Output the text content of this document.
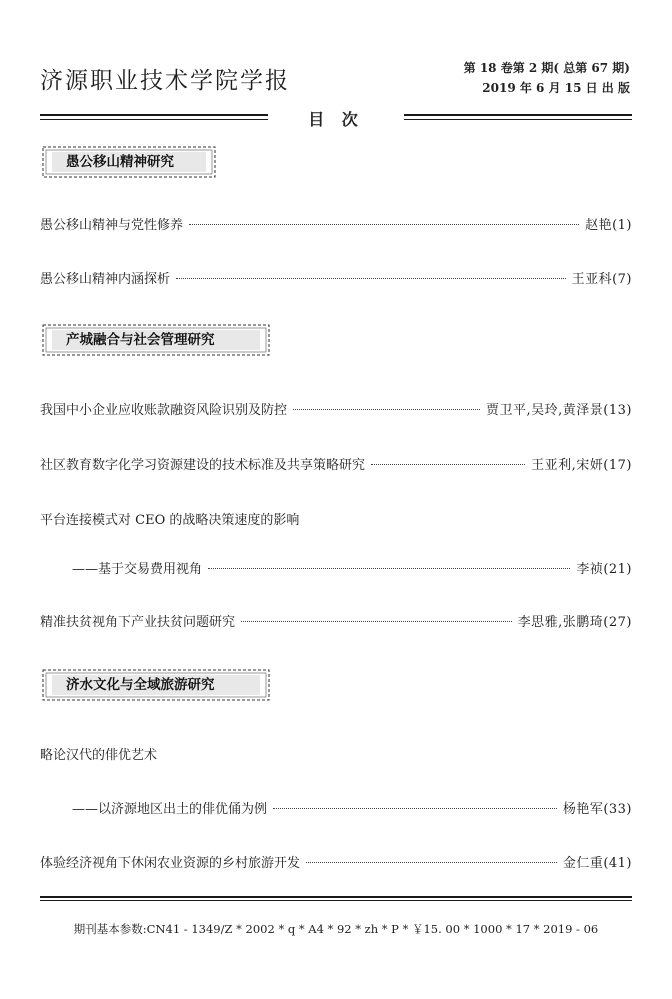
济源职业技术学院学报	第 18 卷第 2 期( 总第 67 期)
2019 年 6 月 15 日 出 版
目 次
愚公移山精神研究
愚公移山精神与党性修养	赵艳(1)
愚公移山精神内涵探析	王亚科(7)
产城融合与社会管理研究
我国中小企业应收账款融资风险识别及防控	贾卫平,吴玲,黄泽景(13)
社区教育数字化学习资源建设的技术标准及共享策略研究	王亚利,宋妍(17)
平台连接模式对 CEO 的战略决策速度的影响
——基于交易费用视角	李祯(21)
精准扶贫视角下产业扶贫问题研究	李思雅,张鹏琦(27)
济水文化与全域旅游研究
略论汉代的俳优艺术
——以济源地区出土的俳优俑为例	杨艳军(33)
体验经济视角下休闲农业资源的乡村旅游开发	金仁重(41)
期刊基本参数:CN41 - 1349/Z * 2002 * q * A4 * 92 * zh * P * ￥15. 00 * 1000 * 17 * 2019 - 06
